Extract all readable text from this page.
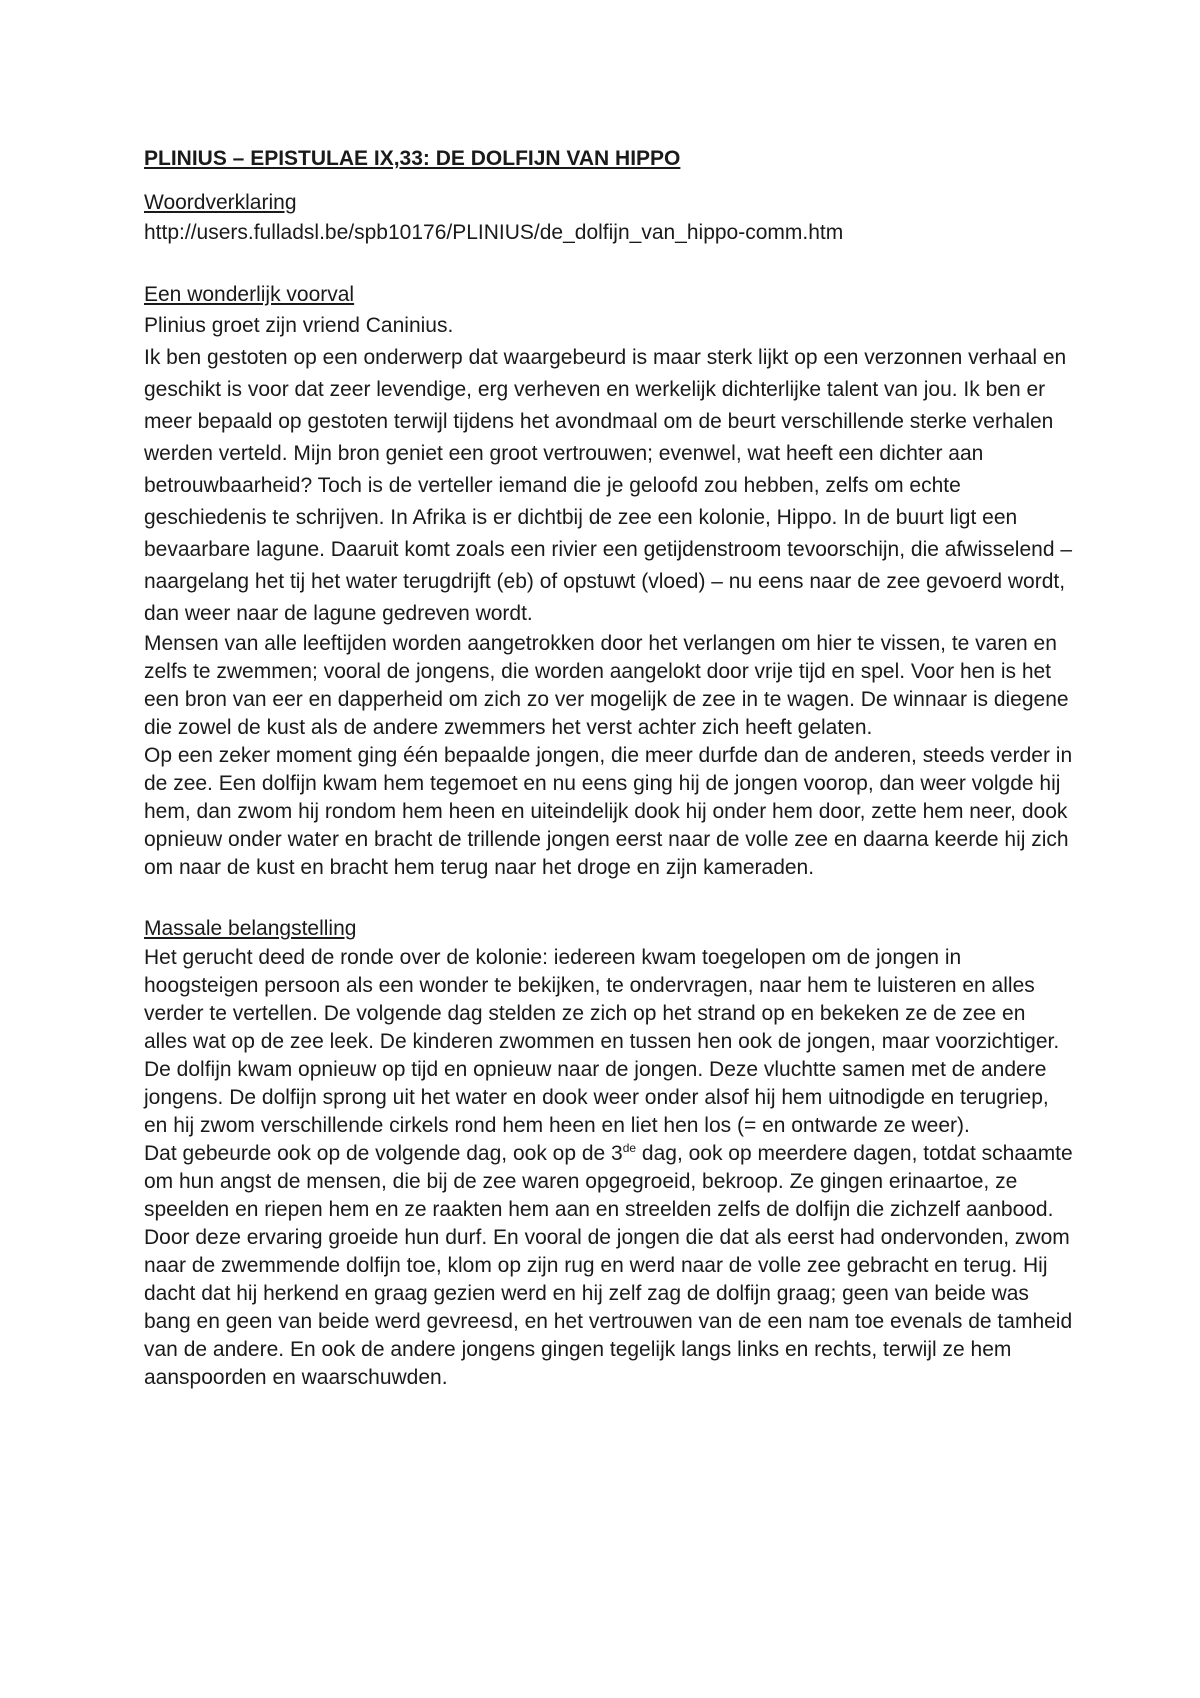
PLINIUS – EPISTULAE IX,33: DE DOLFIJN VAN HIPPO

Woordverklaring

http://users.fulladsl.be/spb10176/PLINIUS/de_dolfijn_van_hippo-comm.htm

Een wonderlijk voorval

Plinius groet zijn vriend Caninius.

Ik ben gestoten op een onderwerp dat waargebeurd is maar sterk lijkt op een verzonnen verhaal en geschikt is voor dat zeer levendige, erg verheven en werkelijk dichterlijke talent van jou. Ik ben er meer bepaald op gestoten terwijl tijdens het avondmaal om de beurt verschillende sterke verhalen werden verteld. Mijn bron geniet een groot vertrouwen; evenwel, wat heeft een dichter aan betrouwbaarheid? Toch is de verteller iemand die je geloofd zou hebben, zelfs om echte geschiedenis te schrijven. In Afrika is er dichtbij de zee een kolonie, Hippo. In de buurt ligt een bevaarbare lagune. Daaruit komt zoals een rivier een getijdenstroom tevoorschijn, die afwisselend – naargelang het tij het water terugdrijft (eb) of opstuwt (vloed) – nu eens naar de zee gevoerd wordt, dan weer naar de lagune gedreven wordt.

Mensen van alle leeftijden worden aangetrokken door het verlangen om hier te vissen, te varen en zelfs te zwemmen; vooral de jongens, die worden aangelokt door vrije tijd en spel. Voor hen is het een bron van eer en dapperheid om zich zo ver mogelijk de zee in te wagen. De winnaar is diegene die zowel de kust als de andere zwemmers het verst achter zich heeft gelaten.

Op een zeker moment ging één bepaalde jongen, die meer durfde dan de anderen, steeds verder in de zee. Een dolfijn kwam hem tegemoet en nu eens ging hij de jongen voorop, dan weer volgde hij hem, dan zwom hij rondom hem heen en uiteindelijk dook hij onder hem door, zette hem neer, dook opnieuw onder water en bracht de trillende jongen eerst naar de volle zee en daarna keerde hij zich om naar de kust en bracht hem terug naar het droge en zijn kameraden.

Massale belangstelling

Het gerucht deed de ronde over de kolonie: iedereen kwam toegelopen om de jongen in hoogsteigen persoon als een wonder te bekijken, te ondervragen, naar hem te luisteren en alles verder te vertellen. De volgende dag stelden ze zich op het strand op en bekeken ze de zee en alles wat op de zee leek. De kinderen zwommen en tussen hen ook de jongen, maar voorzichtiger. De dolfijn kwam opnieuw op tijd en opnieuw naar de jongen. Deze vluchtte samen met de andere jongens. De dolfijn sprong uit het water en dook weer onder alsof hij hem uitnodigde en terugriep, en hij zwom verschillende cirkels rond hem heen en liet hen los (= en ontwarde ze weer).

Dat gebeurde ook op de volgende dag, ook op de 3de dag, ook op meerdere dagen, totdat schaamte om hun angst de mensen, die bij de zee waren opgegroeid, bekroop. Ze gingen erinaartoe, ze speelden en riepen hem en ze raakten hem aan en streelden zelfs de dolfijn die zichzelf aanbood. Door deze ervaring groeide hun durf. En vooral de jongen die dat als eerst had ondervonden, zwom naar de zwemmende dolfijn toe, klom op zijn rug en werd naar de volle zee gebracht en terug. Hij dacht dat hij herkend en graag gezien werd en hij zelf zag de dolfijn graag; geen van beide was bang en geen van beide werd gevreesd, en het vertrouwen van de een nam toe evenals de tamheid van de andere. En ook de andere jongens gingen tegelijk langs links en rechts, terwijl ze hem aanspoorden en waarschuwden.
